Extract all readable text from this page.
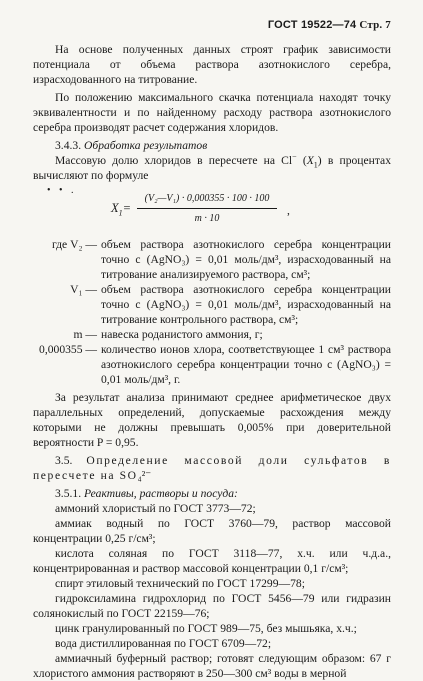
ГОСТ 19522—74 Стр. 7

На основе полученных данных строят график зависимости потенциала от объема раствора азотнокислого серебра, израсходованного на титрование.

По положению максимального скачка потенциала находят точку эквивалентности и по найденному расходу раствора азотнокислого серебра производят расчет содержания хлоридов.

3.4.3. Обработка результатов

Массовую долю хлоридов в пересчете на Cl− $(X_1)$ в процентах вычисляют по формуле

• • .
$X_1= \frac{\text{(V₂—V₁) · 0,000355 · 100 · 100}}{m \cdot 10}$ ,
где V₂ — объем раствора азотнокислого серебра концентрации точно c (AgNO₃) = 0,01 моль/дм³, израсходованный на титрование анализируемого раствора, см³;
V₁ — объем раствора азотнокислого серебра концентрации точно c (AgNO₃) = 0,01 моль/дм³, израсходованный на титрование контрольного раствора, см³;
m — навеска роданистого аммония, г;
0,000355 — количество ионов хлора, соответствующее 1 см³ раствора азотнокислого серебра концентрации точно c (AgNO₃) = 0,01 моль/дм³, г.

За результат анализа принимают среднее арифметическое двух параллельных определений, допускаемые расхождения между которыми не должны превышать 0,005% при доверительной вероятности P = 0,95.

3.5. Определение массовой доли сульфатов в пересчете на SO₄²⁻

3.5.1. Реактивы, растворы и посуда:

аммоний хлористый по ГОСТ 3773—72;

аммиак водный по ГОСТ 3760—79, раствор массовой концентрации 0,25 г/см³;

кислота соляная по ГОСТ 3118—77, х.ч. или ч.д.а., концентрированная и раствор массовой концентрации 0,1 г/см³;

спирт этиловый технический по ГОСТ 17299—78;

гидроксиламина гидрохлорид по ГОСТ 5456—79 или гидразин солянокислый по ГОСТ 22159—76;

цинк гранулированный по ГОСТ 989—75, без мышьяка, х.ч.;

вода дистиллированная по ГОСТ 6709—72;

аммиачный буферный раствор; готовят следующим образом: 67 г хлористого аммония растворяют в 250—300 см³ воды в мерной
